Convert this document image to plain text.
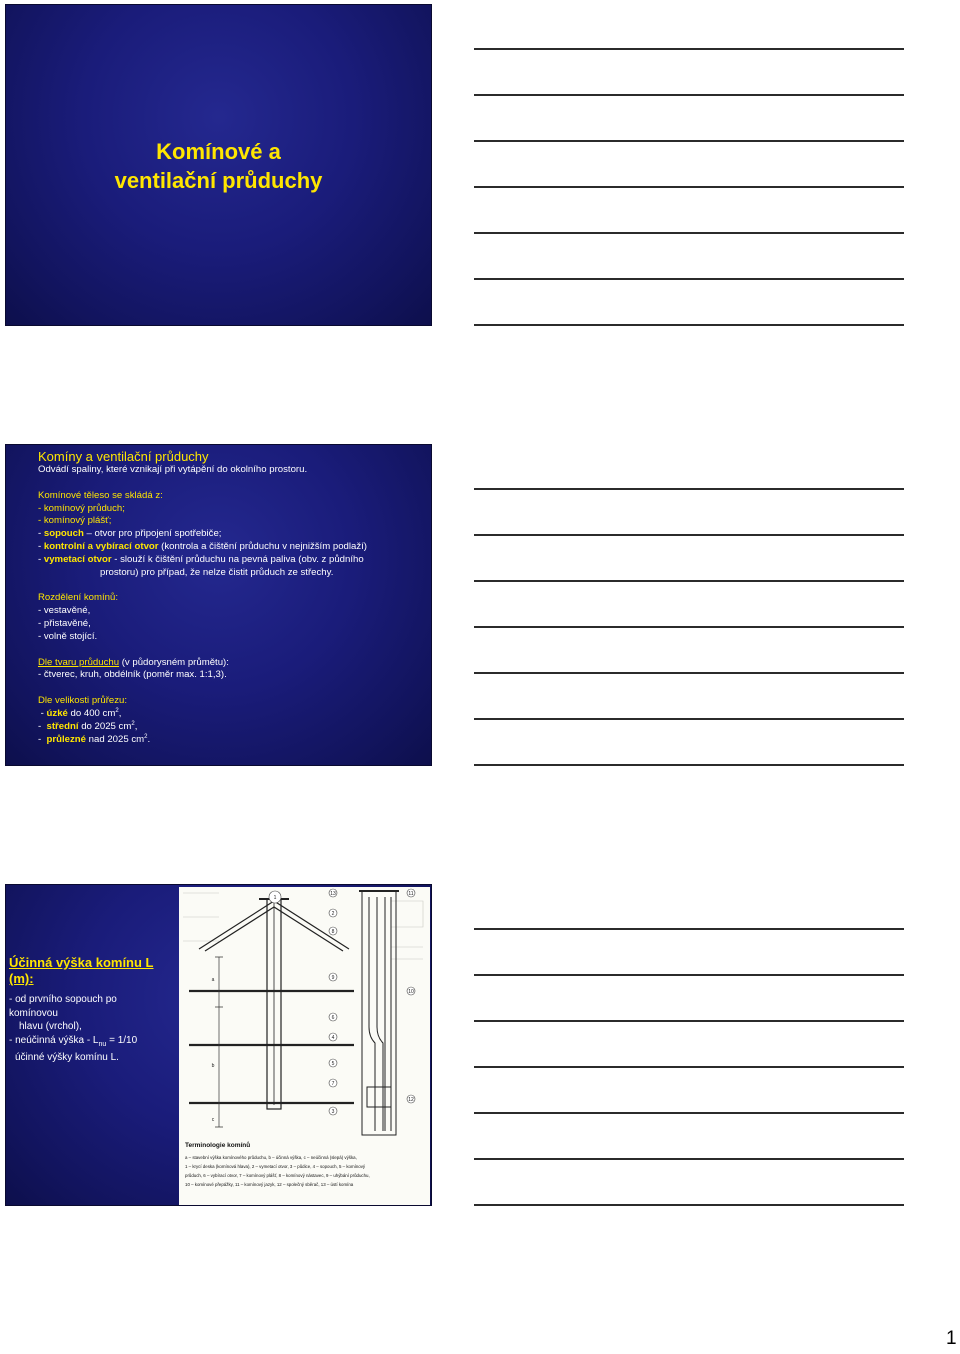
Komínové a
ventilační průduchy
Komíny a ventilační průduchy
Odvádí spaliny, které vznikají při vytápění do okolního prostoru.
Komínové těleso se skládá z:
- komínový průduch;
- komínový plášť;
- sopouch – otvor pro připojení spotřebiče;
- kontrolní a vybírací otvor (kontrola a čištění průduchu v nejnižším podlaží)
- vymetací otvor - slouží k čištění průduchu na pevná paliva (obv. z půdního
prostoru) pro případ, že nelze čistit průduch ze střechy.
Rozdělení komínů:
- vestavěné,
- přistavěné,
- volně stojící.
Dle tvaru průduchu (v půdorysném průmětu):
- čtverec, kruh, obdélník (poměr max. 1:1,3).
Dle velikosti průřezu:
- úzké do 400 $cm^2$,
-  střední do 2025 $cm^2$,
-  průlezné nad 2025 $cm^2$.
Účinná výška komínu L
(m):
- od prvního sopouch po
komínovou
hlavu (vrchol),
- neúčinná výška - $L_{nu} = 1/10$
účinné výšky komínu L.
1
13
2
8
9
6
4
5
7
3
11
10
12
a
b
c
Terminologie komínů
a – stavební výška komínového průduchu, b – účinná výška, c – neúčinná (slepá) výška,
1 – krycí deska (komínová hlava), 2 – vymetací otvor, 3 – půdice, 4 – sopouch, 5 – komínový
průduch, 6 – vybírací otvor, 7 – komínový plášť, 8 – komínový nástavec, 9 – uhýbání průduchu,
10 – komínové přepážky, 11 – komínový jazyk, 12 – společný sběrač, 13 – ústí komína
1
